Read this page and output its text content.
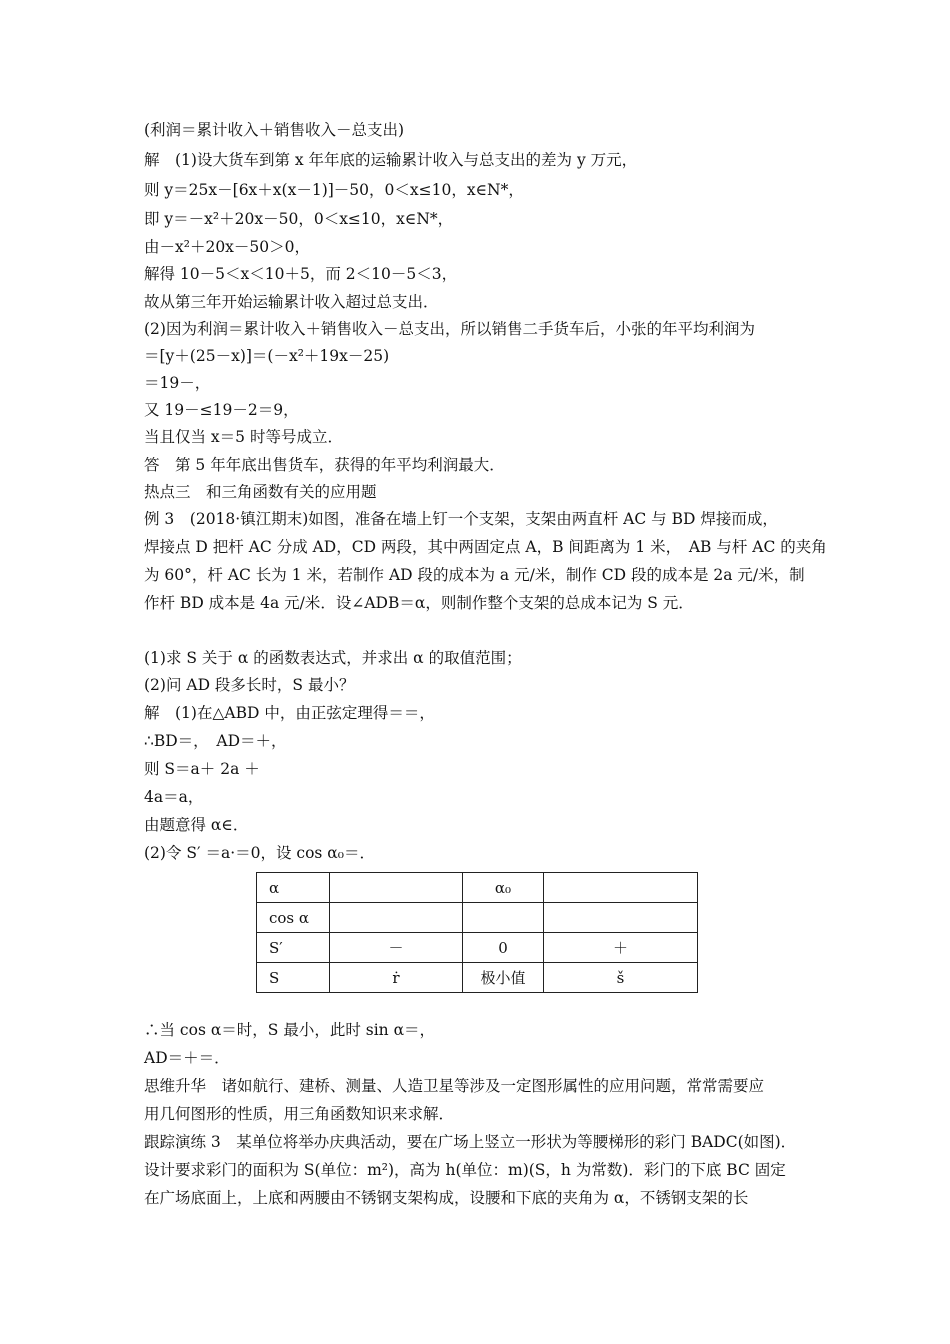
(利润＝累计收入＋销售收入－总支出)
解　(1)设大货车到第 x 年年底的运输累计收入与总支出的差为 y 万元，
则 y＝25x－[6x＋x(x－1)]－50，0＜x≤10，x∈N*，
即 y＝－x²＋20x－50，0＜x≤10，x∈N*，
由－x²＋20x－50＞0，
解得 10－5＜x＜10＋5，而 2＜10－5＜3，
故从第三年开始运输累计收入超过总支出．
(2)因为利润＝累计收入＋销售收入－总支出，所以销售二手货车后，小张的年平均利润为
＝[y＋(25－x)]＝(－x²＋19x－25)
＝19－，
又 19－≤19－2＝9，
当且仅当 x＝5 时等号成立．
答　第 5 年年底出售货车，获得的年平均利润最大．
热点三　和三角函数有关的应用题
例 3　(2018·镇江期末)如图，准备在墙上钉一个支架，支架由两直杆 AC 与 BD 焊接而成，
焊接点 D 把杆 AC 分成 AD，CD 两段，其中两固定点 A，B 间距离为 1 米，　AB 与杆 AC 的夹角
为 60°，杆 AC 长为 1 米，若制作 AD 段的成本为 a 元/米，制作 CD 段的成本是 2a 元/米，制
作杆 BD 成本是 4a 元/米．设∠ADB＝α，则制作整个支架的总成本记为 S 元．
(1)求 S 关于 α 的函数表达式，并求出 α 的取值范围；
(2)问 AD 段多长时，S 最小？
解　(1)在△ABD 中，由正弦定理得＝＝，
∴BD＝，　AD＝＋，
则 S＝a＋ 2a ＋
4a＝a，
由题意得 α∈．
(2)令 S′ ＝a·＝0，设 cos α₀＝．
α		α₀	
cos α			
S′	－	0	＋
S	ṙ	极小值	š
∴当 cos α＝时，S 最小，此时 sin α＝，
AD＝＋＝．
思维升华　诸如航行、建桥、测量、人造卫星等涉及一定图形属性的应用问题，常常需要应
用几何图形的性质，用三角函数知识来求解．
跟踪演练 3　某单位将举办庆典活动，要在广场上竖立一形状为等腰梯形的彩门 BADC(如图)．
设计要求彩门的面积为 S(单位：m²)，高为 h(单位：m)(S，h 为常数)．彩门的下底 BC 固定
在广场底面上，上底和两腰由不锈钢支架构成，设腰和下底的夹角为 α，不锈钢支架的长
